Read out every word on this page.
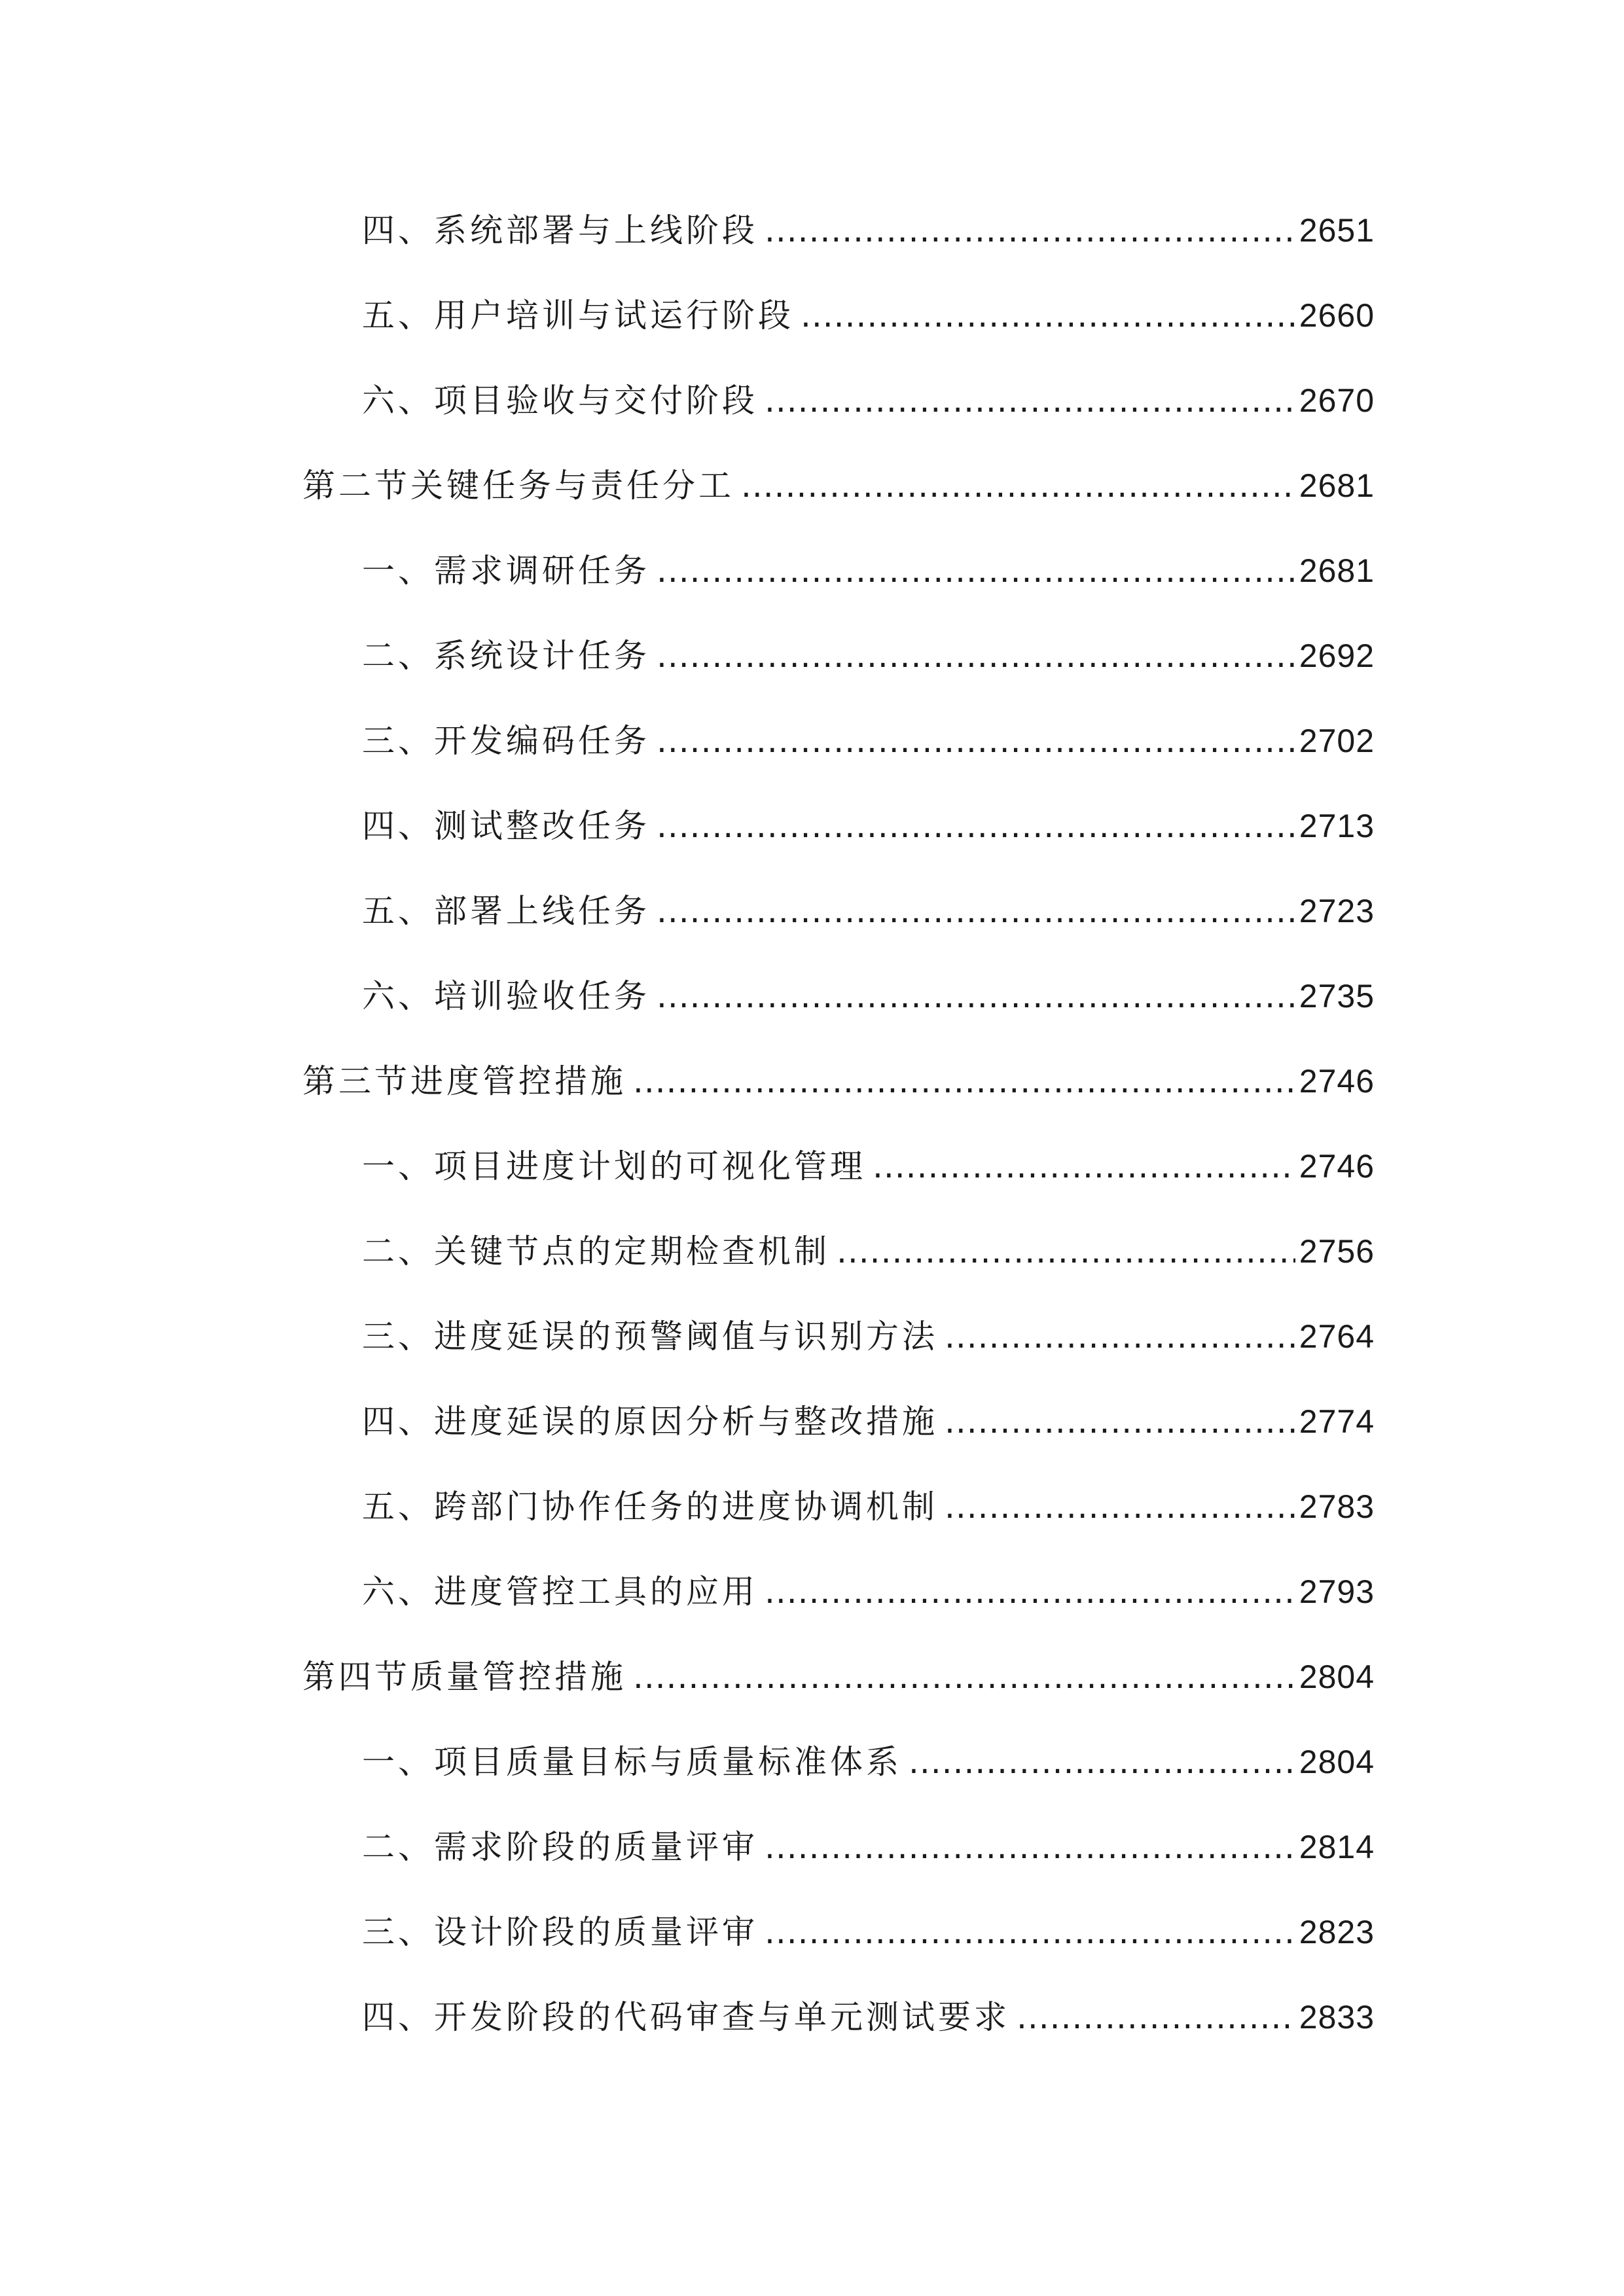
四、系统部署与上线阶段 .....	2651
五、用户培训与试运行阶段 .....	2660
六、项目验收与交付阶段 .....	2670
第二节关键任务与责任分工 .....	2681
一、需求调研任务 .....	2681
二、系统设计任务 .....	2692
三、开发编码任务 .....	2702
四、测试整改任务 .....	2713
五、部署上线任务 .....	2723
六、培训验收任务 .....	2735
第三节进度管控措施 .....	2746
一、项目进度计划的可视化管理 .....	2746
二、关键节点的定期检查机制 .....	2756
三、进度延误的预警阈值与识别方法 .....	2764
四、进度延误的原因分析与整改措施 .....	2774
五、跨部门协作任务的进度协调机制 .....	2783
六、进度管控工具的应用 .....	2793
第四节质量管控措施 .....	2804
一、项目质量目标与质量标准体系 .....	2804
二、需求阶段的质量评审 .....	2814
三、设计阶段的质量评审 .....	2823
四、开发阶段的代码审查与单元测试要求 .....	2833
